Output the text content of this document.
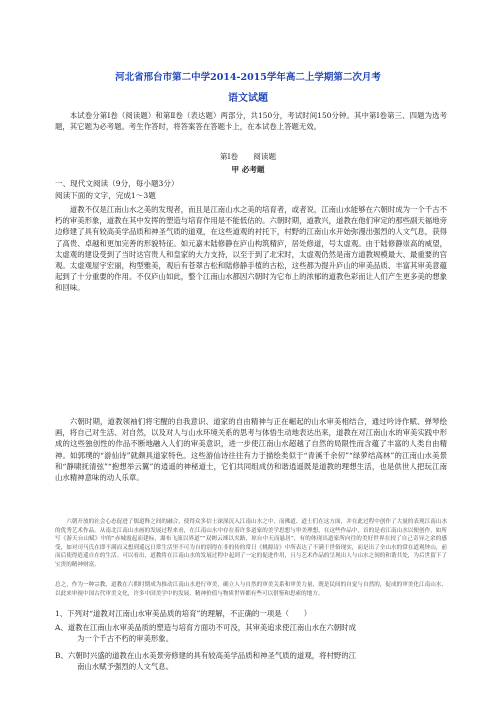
河北省邢台市第二中学2014-2015学年高二上学期第二次月考
语文试题

本试卷分第Ⅰ卷（阅读题）和第Ⅱ卷（表达题）两部分，共150分，考试时间150分钟。其中第Ⅰ卷第三、四题为选考题，其它题为必考题。考生作答时，将答案答在答题卡上，在本试卷上答题无效。

第Ⅰ卷　　阅读题
甲 必考题
一、现代文阅读（9分，每小题3分）
阅读下面的文字，完成1～3题

道教不仅是江南山水之美的发现者，而且是江南山水之美的培育者，或者说，江南山水能够在六朝时成为一个千古不朽的审美形象，道教在其中发挥的塑造与培育作用是不能低估的。六朝时期，道教兴，道教在他们审定的那些副天福地旁边修建了具有较高美学品质和神圣气质的道观，在这些道观的衬托下，村野的江南山水开始弥漫出强烈的人文气息，获得了高贵、卓越和更加完善的形貌特征。如元嘉末陆修静在庐山构筑精庐，居处修道，号太虚观。由于陆修静崇高的威望，太虚观的建设受到了当时达官贵人和皇家的大力支持，以至于到了北宋时，太虚观仍然是南方道教规模最大、最重要的宫观。太虚观屋宇宏丽，构型雅美，观后有苍翠古松和陆修静手植的古松，这些都为提升庐山的审美品质、丰富其审美意蕴起到了十分重要的作用。不仅庐山如此，整个江南山水都因六朝时为它布上的浓郁的道教色彩而让人们产生更多美的想象和回味。

六朝时期，道教领袖们将宅醒的自我意识、道家的自由精神与正在崛起的山水审美相结合，通过吟诗作赋、弹琴绘画，将自己对生活、对自然，以及对人与山水环境关系的思考与体悟生动地表达出来，道教在对江南山水的审美实践中形成的这些独创性的作品不断地融入人们的审美意识，进一步使江南山水超越了自然的局限性而含蕴了丰富的人类自由精神。如郭璞的“游仙诗”就颇具道家特色。这些游仙诗往往有力于描绘类似于“青溪千余仞”“绿萝结高林”的江南山水美景和“静啸抚清弦”“抱想举云翼”的逍遥的神秘道士，它们共同组成仿和谐逍遥既是道教的理想生活，也是供世人把玩江南山水精神意味的动人乐章。

六朝开放的社会心态促进了儒道释之间的融合，使得众多信士深深沉入江南山水之中，而佛道、道士们在这方面，并在此过程中创作了大量的表现江南山水的优秀艺术作品。从南北江南山水画的发展过程来看，在江南山水中存在着许多道家的美学思想与审美理想，在这些作品中，首的是看江南山水以便创作，如所写《游天台山赋》中的“赤城霞起而建标，瀑布飞流以界道”“双阙云竦以夹路，琼台中天而悬居”，有的体现出道家所向往的美好世界在较了自己奇异之余的感受，如对司马氏在即不满而又想到遥远日常生活里不可为自的别得在非的传的常日《桃源诗》中所表达了不满于世俗现实，而是出了全山水的常在道观钟山，前而后使得逍遥自在的生活。可以看出，道教将在江南山水的发展过程中起到了一定的促进作用，且与艺术作品的呈现出人与山水之间的和谐共处，为后世留下了宝贵的精神财富。

总之，作为一种宗教，道教在六朝时期成为推动江南山水进行审美，确立人与自然的审美关系和审美力量，既是民间的自觉与自然的，促成的审美化江南山水，以此来审视中国古代审美文化，许多中国美学中的发展、精神价值与物质世界都有些可以借鉴和思索的地方。

1、下列对“道教对江南山水审美品质的培育”的理解，不正确的一项是（　　）

A、道教在江南山水审美品质的塑造与培育方面功不可没，其审美追求使江南山水在六朝时成
为一个千古不朽的审美形象。

B、六朝时兴盛的道教在山水美景旁修建的具有较高美学品质和神圣气质的道观，将村野的江
南山水赋予强烈的人文气息。
